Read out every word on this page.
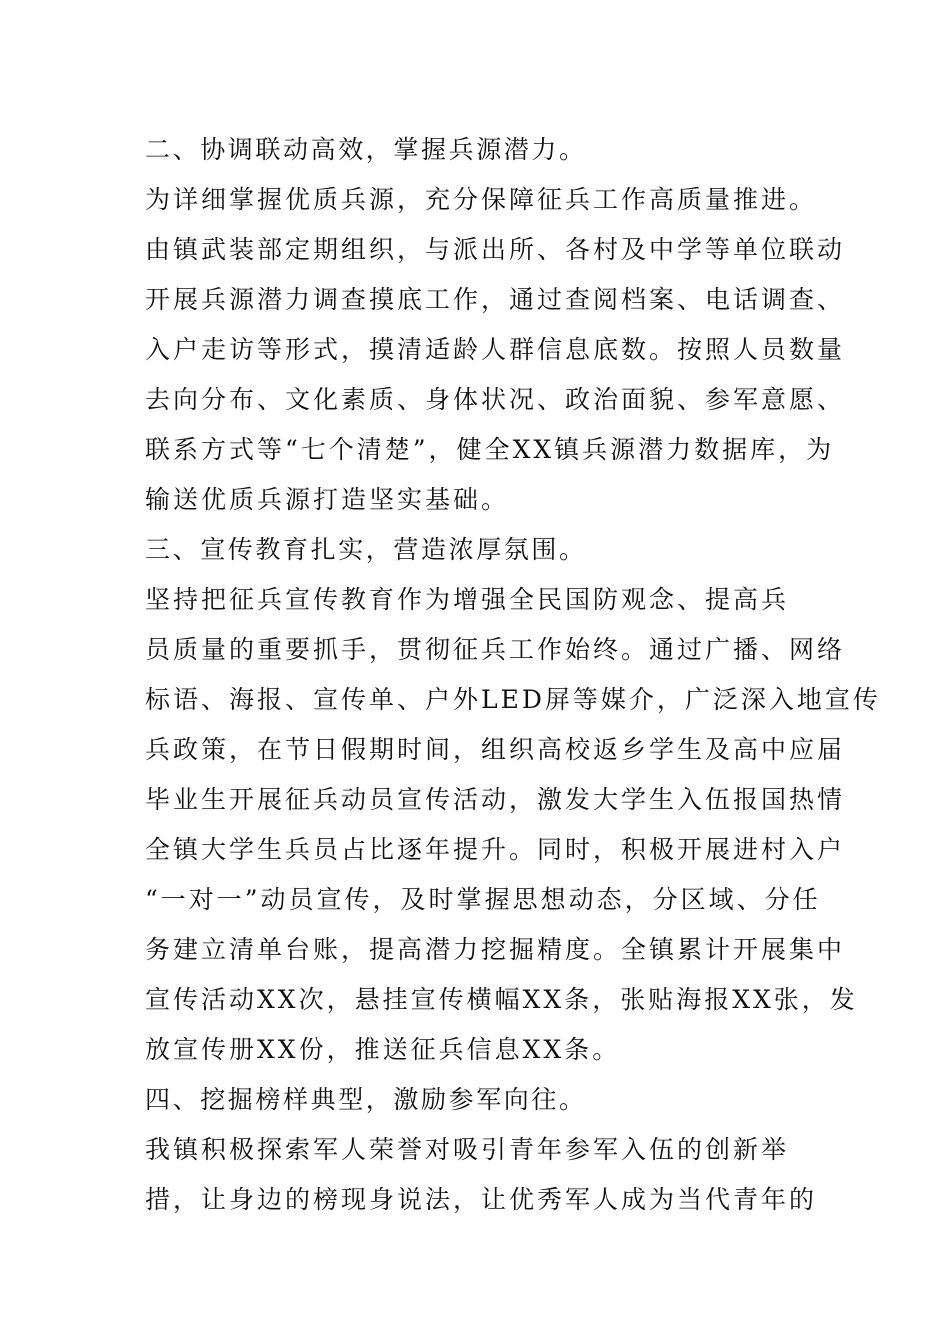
二、协调联动高效，掌握兵源潜力。
为详细掌握优质兵源，充分保障征兵工作高质量推进。
由镇武装部定期组织，与派出所、各村及中学等单位联动
开展兵源潜力调查摸底工作，通过查阅档案、电话调查、
入户走访等形式，摸清适龄人群信息底数。按照人员数量
去向分布、文化素质、身体状况、政治面貌、参军意愿、
联系方式等“七个清楚”，健全XX镇兵源潜力数据库，为
输送优质兵源打造坚实基础。
三、宣传教育扎实，营造浓厚氛围。
坚持把征兵宣传教育作为增强全民国防观念、提高兵
员质量的重要抓手，贯彻征兵工作始终。通过广播、网络
标语、海报、宣传单、户外LED屏等媒介，广泛深入地宣传
兵政策，在节日假期时间，组织高校返乡学生及高中应届
毕业生开展征兵动员宣传活动，激发大学生入伍报国热情
全镇大学生兵员占比逐年提升。同时，积极开展进村入户
“一对一”动员宣传，及时掌握思想动态，分区域、分任
务建立清单台账，提高潜力挖掘精度。全镇累计开展集中
宣传活动XX次，悬挂宣传横幅XX条，张贴海报XX张，发
放宣传册XX份，推送征兵信息XX条。
四、挖掘榜样典型，激励参军向往。
我镇积极探索军人荣誉对吸引青年参军入伍的创新举
措，让身边的榜现身说法，让优秀军人成为当代青年的
